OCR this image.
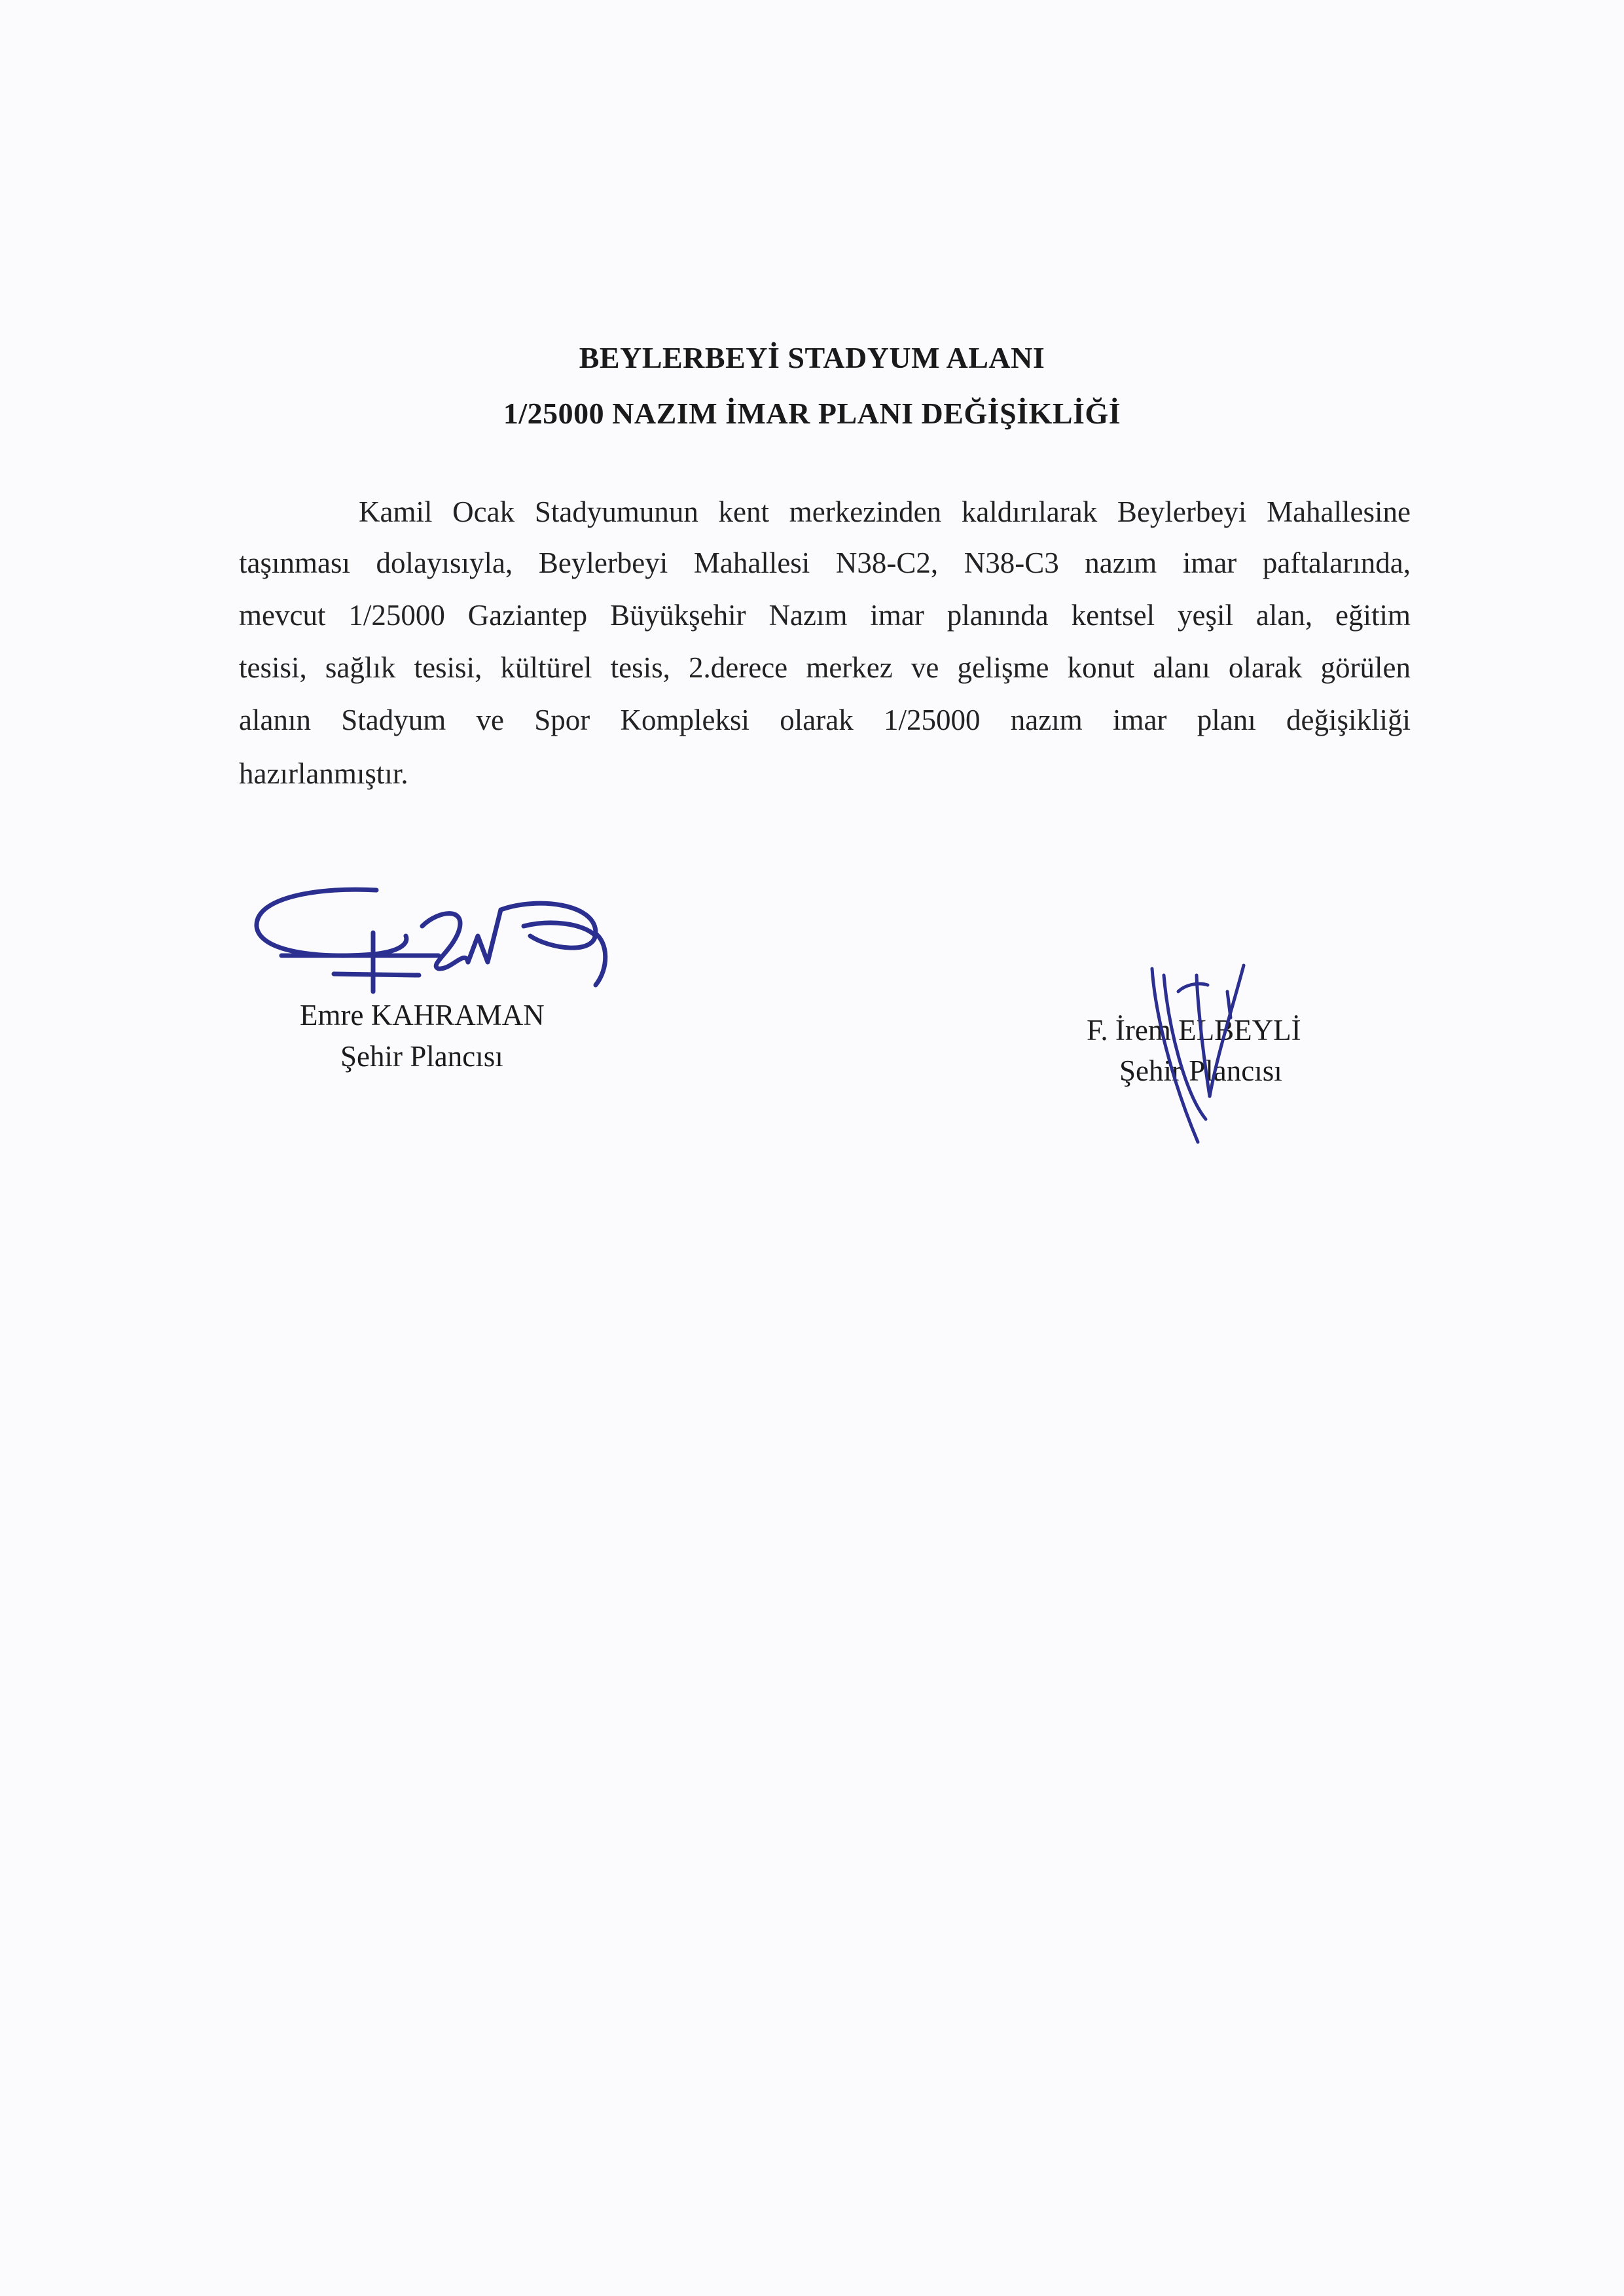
BEYLERBEYİ STADYUM ALANI
1/25000 NAZIM İMAR PLANI DEĞİŞİKLİĞİ
Kamil Ocak Stadyumunun kent merkezinden kaldırılarak Beylerbeyi Mahallesine
taşınması dolayısıyla, Beylerbeyi Mahallesi N38-C2, N38-C3 nazım imar paftalarında,
mevcut 1/25000 Gaziantep Büyükşehir Nazım imar planında kentsel yeşil alan, eğitim
tesisi, sağlık tesisi, kültürel tesis, 2.derece merkez ve gelişme konut alanı olarak görülen
alanın Stadyum ve Spor Kompleksi olarak 1/25000 nazım imar planı değişikliği
hazırlanmıştır.
Emre KAHRAMAN
Şehir Plancısı
F. İrem ELBEYLİ
Şehir Plancısı
